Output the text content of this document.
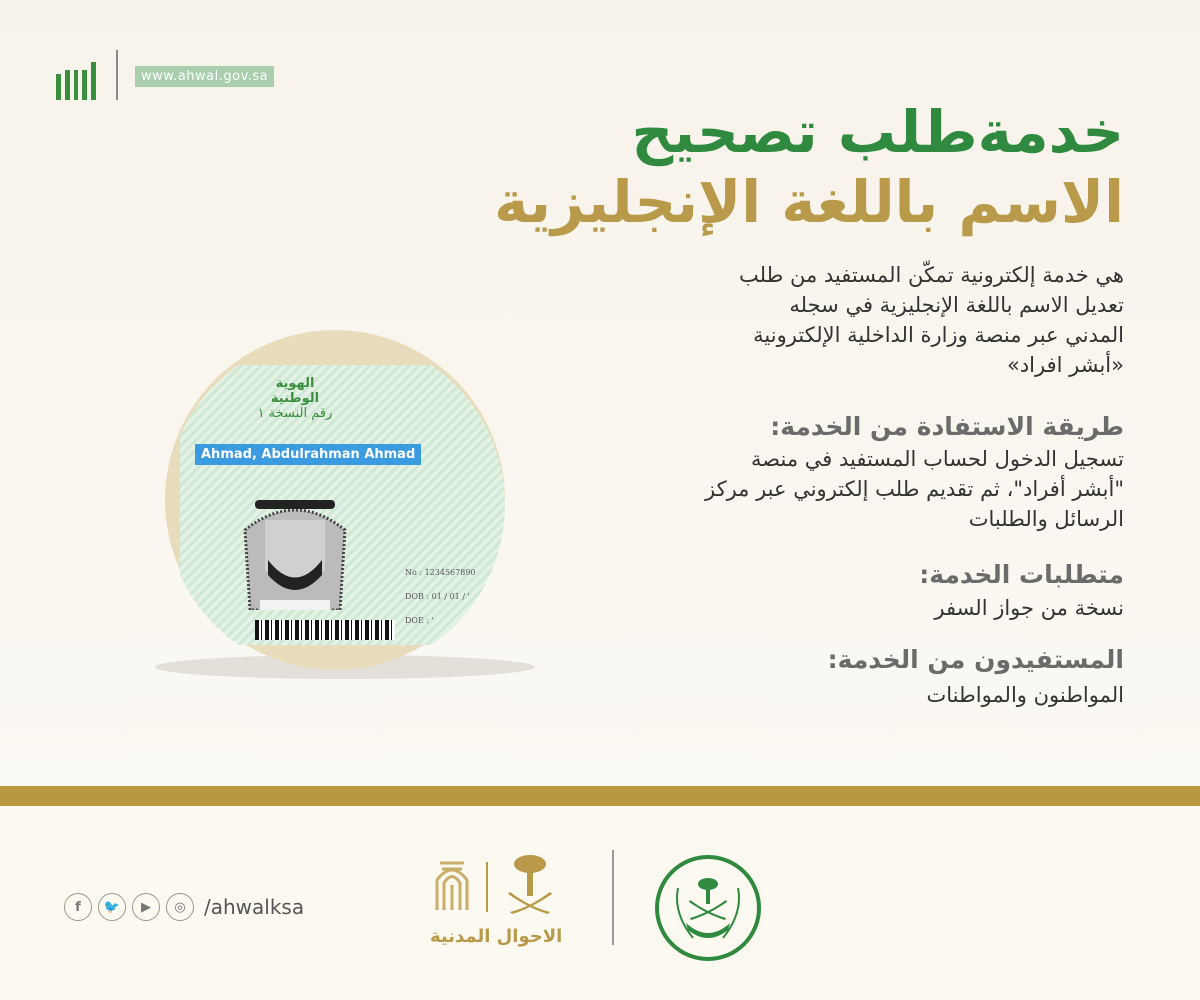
www.ahwal.gov.sa
خدمةطلب تصحيح
الاسم باللغة الإنجليزية
هي خدمة إلكترونية تمكّن المستفيد من طلب
تعديل الاسم باللغة الإنجليزية في سجله
المدني عبر منصة وزارة الداخلية الإلكترونية
«أبشر افراد»
طريقة الاستفادة من الخدمة:
تسجيل الدخول لحساب المستفيد في منصة
"أبشر أفراد"، ثم تقديم طلب إلكتروني عبر مركز
الرسائل والطلبات
متطلبات الخدمة:
نسخة من جواز السفر
المستفيدون من الخدمة:
المواطنون والمواطنات
الهوية الوطنية
رقم النسخة ١
Ahmad, Abdulrahman Ahmad
No : 1234567890
DOB : 01 / 01 / '
DOE : '
f	🐦	▶	◎ /ahwalksa
الاحوال المدنية
